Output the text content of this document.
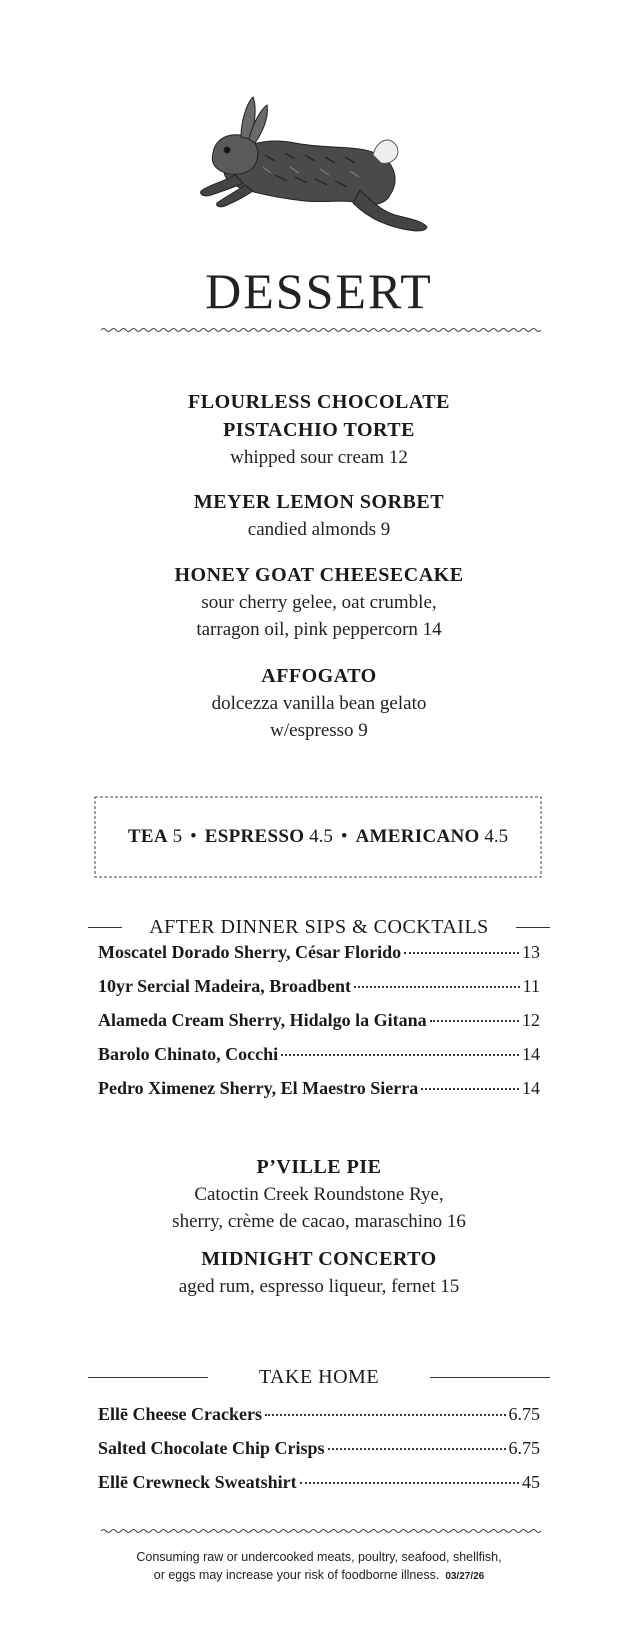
DESSERT
FLOURLESS CHOCOLATE
PISTACHIO TORTE
whipped sour cream 12
MEYER LEMON SORBET
candied almonds 9
HONEY GOAT CHEESECAKE
sour cherry gelee, oat crumble,
tarragon oil, pink peppercorn 14
AFFOGATO
dolcezza vanilla bean gelato
w/espresso 9
TEA 5 • ESPRESSO 4.5 • AMERICANO 4.5
AFTER DINNER SIPS & COCKTAILS
Moscatel Dorado Sherry, César Florido	13
10yr Sercial Madeira, Broadbent	11
Alameda Cream Sherry, Hidalgo la Gitana	12
Barolo Chinato, Cocchi	14
Pedro Ximenez Sherry, El Maestro Sierra	14
P’VILLE PIE
Catoctin Creek Roundstone Rye,
sherry, crème de cacao, maraschino 16
MIDNIGHT CONCERTO
aged rum, espresso liqueur, fernet 15
TAKE HOME
Ellē Cheese Crackers	6.75
Salted Chocolate Chip Crisps	6.75
Ellē Crewneck Sweatshirt	45
Consuming raw or undercooked meats, poultry, seafood, shellfish,
or eggs may increase your risk of foodborne illness. 03/27/26
